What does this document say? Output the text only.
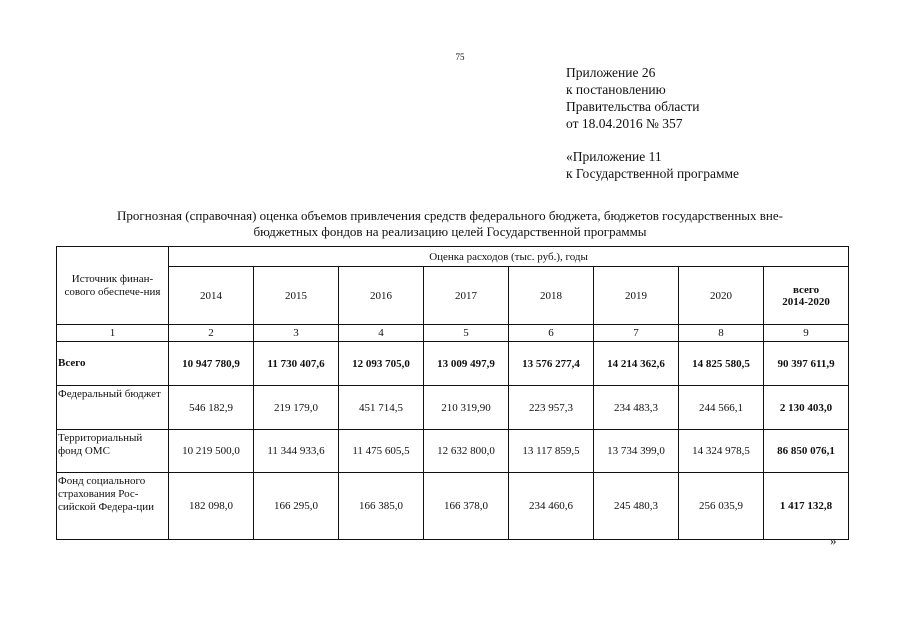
75
Приложение 26
к постановлению
Правительства области
от 18.04.2016 № 357
«Приложение 11
к Государственной программе
Прогнозная (справочная) оценка объемов привлечения средств федерального бюджета, бюджетов государственных вне-
бюджетных фондов на реализацию целей Государственной программы
Источник финан-сового обеспече-ния	Оценка расходов (тыс. руб.), годы							
	2014	2015	2016	2017	2018	2019	2020	всего
2014-2020

1	2	3	4	5	6	7	8	9
Всего	10 947 780,9	11 730 407,6	12 093 705,0	13 009 497,9	13 576 277,4	14 214 362,6	14 825 580,5	90 397 611,9
Федеральный бюджет	546 182,9	219 179,0	451 714,5	210 319,90	223 957,3	234 483,3	244 566,1	2 130 403,0
Территориальный фонд ОМС	10 219 500,0	11 344 933,6	11 475 605,5	12 632 800,0	13 117 859,5	13 734 399,0	14 324 978,5	86 850 076,1
Фонд социального страхования Рос-сийской Федера-ции	182 098,0	166 295,0	166 385,0	166 378,0	234 460,6	245 480,3	256 035,9	1 417 132,8
»
